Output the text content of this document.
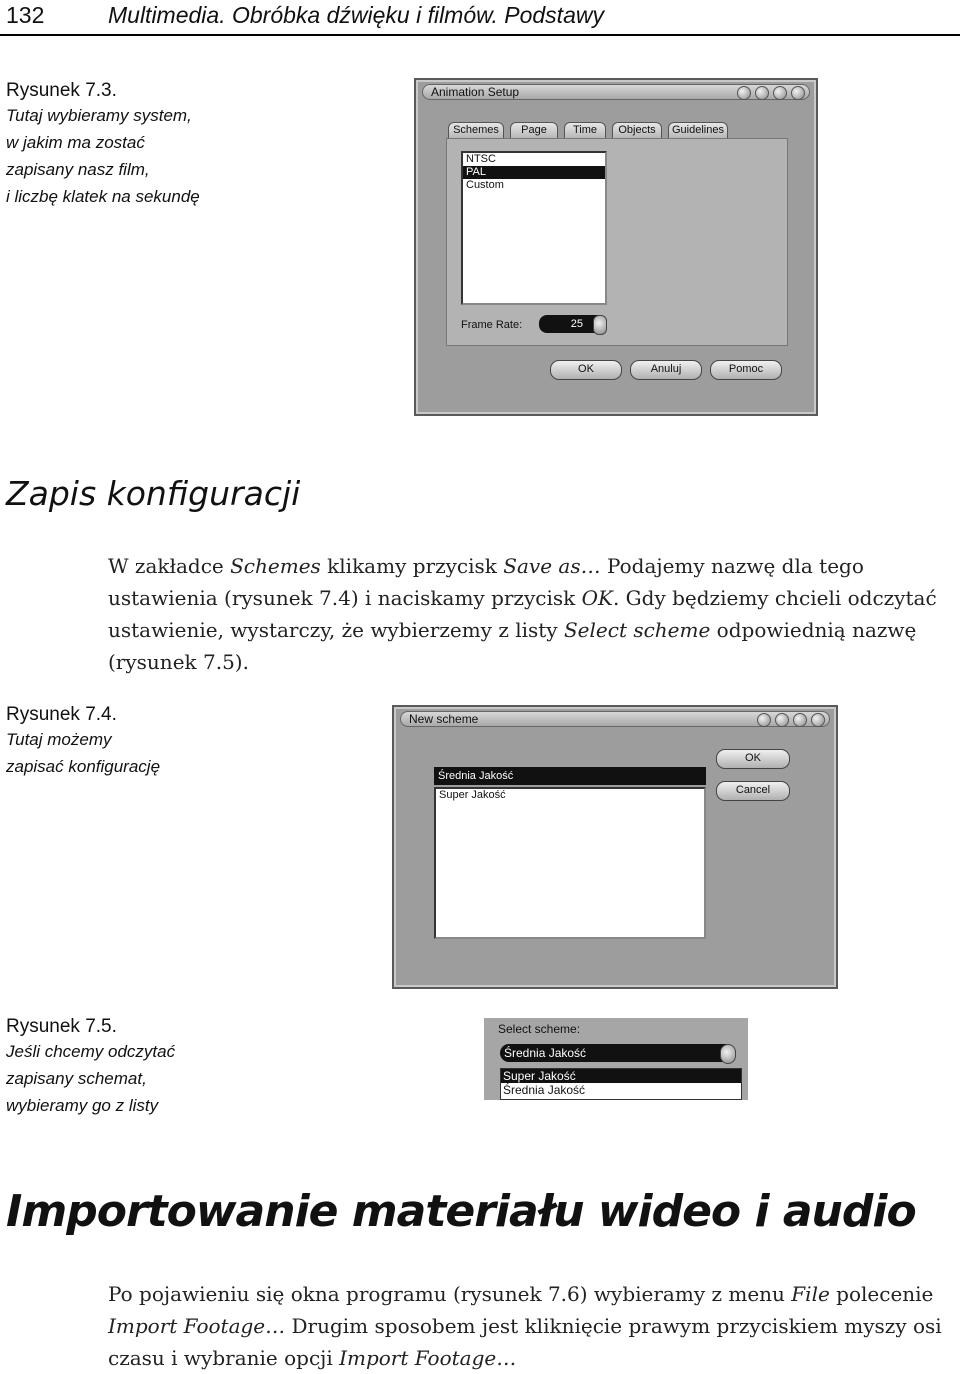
132	Multimedia. Obróbka dźwięku i filmów. Podstawy
Rysunek 7.3.
Tutaj wybieramy system,
w jakim ma zostać
zapisany nasz film,
i liczbę klatek na sekundę
Animation Setup
Schemes	Page	Time	Objects	Guidelines
NTSC
PAL
Custom
Frame Rate:	25
OK	Anuluj	Pomoc
Zapis konfiguracji
W zakładce Schemes klikamy przycisk Save as… Podajemy nazwę dla tego ustawienia (rysunek 7.4) i naciskamy przycisk OK. Gdy będziemy chcieli odczytać ustawienie, wystarczy, że wybierzemy z listy Select scheme odpowiednią nazwę (rysunek 7.5).
Rysunek 7.4.
Tutaj możemy
zapisać konfigurację
New scheme
Średnia Jakość
Super Jakość
OK
Cancel
Rysunek 7.5.
Jeśli chcemy odczytać
zapisany schemat,
wybieramy go z listy
Select scheme:
Średnia Jakość
Super Jakość
Średnia Jakość
Importowanie materiału wideo i audio
Po pojawieniu się okna programu (rysunek 7.6) wybieramy z menu File polecenie Import Footage… Drugim sposobem jest kliknięcie prawym przyciskiem myszy osi czasu i wybranie opcji Import Footage…
